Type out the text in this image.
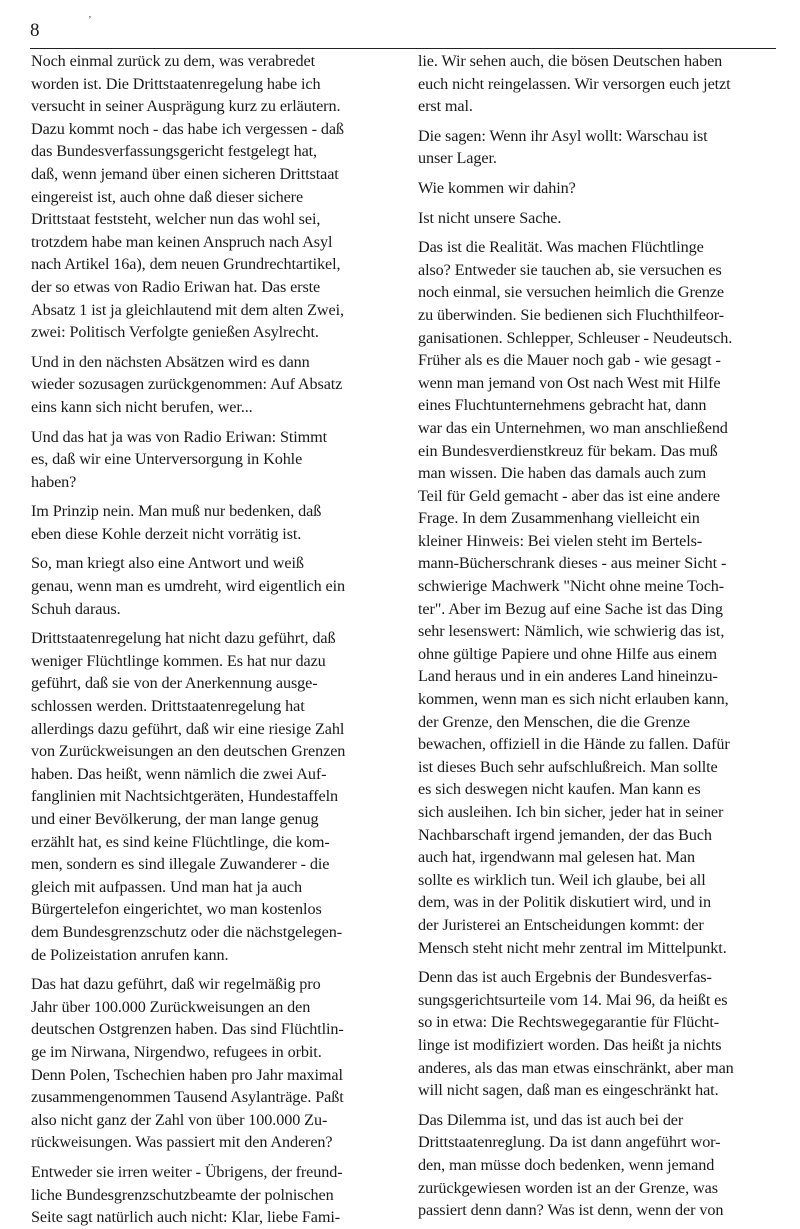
8	’

Noch einmal zurück zu dem, was verabredet
worden ist. Die Drittstaatenregelung habe ich
versucht in seiner Ausprägung kurz zu erläutern.
Dazu kommt noch - das habe ich vergessen - daß
das Bundesverfassungsgericht festgelegt hat,
daß, wenn jemand über einen sicheren Drittstaat
eingereist ist, auch ohne daß dieser sichere
Drittstaat feststeht, welcher nun das wohl sei,
trotzdem habe man keinen Anspruch nach Asyl
nach Artikel 16a), dem neuen Grundrechtartikel,
der so etwas von Radio Eriwan hat. Das erste
Absatz 1 ist ja gleichlautend mit dem alten Zwei,
zwei: Politisch Verfolgte genießen Asylrecht.

Und in den nächsten Absätzen wird es dann
wieder sozusagen zurückgenommen: Auf Absatz
eins kann sich nicht berufen, wer...

Und das hat ja was von Radio Eriwan: Stimmt
es, daß wir eine Unterversorgung in Kohle
haben?

Im Prinzip nein. Man muß nur bedenken, daß
eben diese Kohle derzeit nicht vorrätig ist.

So, man kriegt also eine Antwort und weiß
genau, wenn man es umdreht, wird eigentlich ein
Schuh daraus.

Drittstaatenregelung hat nicht dazu geführt, daß
weniger Flüchtlinge kommen. Es hat nur dazu
geführt, daß sie von der Anerkennung ausge-
schlossen werden. Drittstaatenregelung hat
allerdings dazu geführt, daß wir eine riesige Zahl
von Zurückweisungen an den deutschen Grenzen
haben. Das heißt, wenn nämlich die zwei Auf-
fanglinien mit Nachtsichtgeräten, Hundestaffeln
und einer Bevölkerung, der man lange genug
erzählt hat, es sind keine Flüchtlinge, die kom-
men, sondern es sind illegale Zuwanderer - die
gleich mit aufpassen. Und man hat ja auch
Bürgertelefon eingerichtet, wo man kostenlos
dem Bundesgrenzschutz oder die nächstgelegen-
de Polizeistation anrufen kann.

Das hat dazu geführt, daß wir regelmäßig pro
Jahr über 100.000 Zurückweisungen an den
deutschen Ostgrenzen haben. Das sind Flüchtlin-
ge im Nirwana, Nirgendwo, refugees in orbit.
Denn Polen, Tschechien haben pro Jahr maximal
zusammengenommen Tausend Asylanträge. Paßt
also nicht ganz der Zahl von über 100.000 Zu-
rückweisungen. Was passiert mit den Anderen?

Entweder sie irren weiter - Übrigens, der freund-
liche Bundesgrenzschutzbeamte der polnischen
Seite sagt natürlich auch nicht: Klar, liebe Fami-

lie. Wir sehen auch, die bösen Deutschen haben
euch nicht reingelassen. Wir versorgen euch jetzt
erst mal.

Die sagen: Wenn ihr Asyl wollt: Warschau ist
unser Lager.

Wie kommen wir dahin?

Ist nicht unsere Sache.

Das ist die Realität. Was machen Flüchtlinge
also? Entweder sie tauchen ab, sie versuchen es
noch einmal, sie versuchen heimlich die Grenze
zu überwinden. Sie bedienen sich Fluchthilfeor-
ganisationen. Schlepper, Schleuser - Neudeutsch.
Früher als es die Mauer noch gab - wie gesagt -
wenn man jemand von Ost nach West mit Hilfe
eines Fluchtunternehmens gebracht hat, dann
war das ein Unternehmen, wo man anschließend
ein Bundesverdienstkreuz für bekam. Das muß
man wissen. Die haben das damals auch zum
Teil für Geld gemacht - aber das ist eine andere
Frage. In dem Zusammenhang vielleicht ein
kleiner Hinweis: Bei vielen steht im Bertels-
mann-Bücherschrank dieses - aus meiner Sicht -
schwierige Machwerk "Nicht ohne meine Toch-
ter". Aber im Bezug auf eine Sache ist das Ding
sehr lesenswert: Nämlich, wie schwierig das ist,
ohne gültige Papiere und ohne Hilfe aus einem
Land heraus und in ein anderes Land hineinzu-
kommen, wenn man es sich nicht erlauben kann,
der Grenze, den Menschen, die die Grenze
bewachen, offiziell in die Hände zu fallen. Dafür
ist dieses Buch sehr aufschlußreich. Man sollte
es sich deswegen nicht kaufen. Man kann es
sich ausleihen. Ich bin sicher, jeder hat in seiner
Nachbarschaft irgend jemanden, der das Buch
auch hat, irgendwann mal gelesen hat. Man
sollte es wirklich tun. Weil ich glaube, bei all
dem, was in der Politik diskutiert wird, und in
der Juristerei an Entscheidungen kommt: der
Mensch steht nicht mehr zentral im Mittelpunkt.

Denn das ist auch Ergebnis der Bundesverfas-
sungsgerichtsurteile vom 14. Mai 96, da heißt es
so in etwa: Die Rechtswegegarantie für Flücht-
linge ist modifiziert worden. Das heißt ja nichts
anderes, als das man etwas einschränkt, aber man
will nicht sagen, daß man es eingeschränkt hat.

Das Dilemma ist, und das ist auch bei der
Drittstaatenreglung. Da ist dann angeführt wor-
den, man müsse doch bedenken, wenn jemand
zurückgewiesen worden ist an der Grenze, was
passiert denn dann? Was ist denn, wenn der von
